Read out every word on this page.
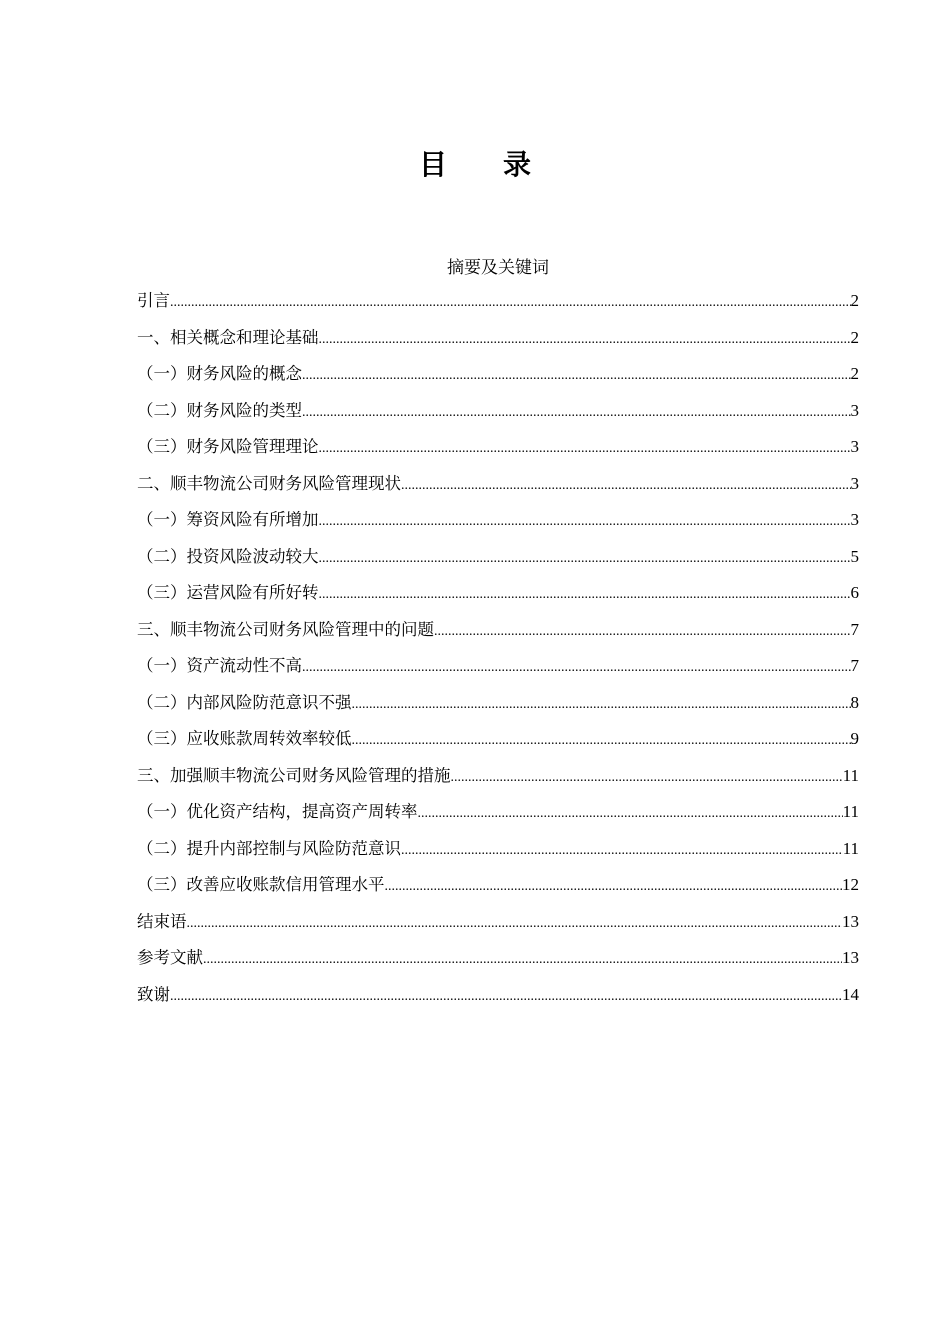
目录
摘要及关键词
引言 .....	2
一、相关概念和理论基础 .....	2
（一）财务风险的概念 .....	2
（二）财务风险的类型 .....	3
（三）财务风险管理理论 .....	3
二、顺丰物流公司财务风险管理现状 .....	3
（一）筹资风险有所增加 .....	3
（二）投资风险波动较大 .....	5
（三）运营风险有所好转 .....	6
三、顺丰物流公司财务风险管理中的问题 .....	7
（一）资产流动性不高 .....	7
（二）内部风险防范意识不强 .....	8
（三）应收账款周转效率较低 .....	9
三、加强顺丰物流公司财务风险管理的措施 .....	11
（一）优化资产结构，提高资产周转率 .....	11
（二）提升内部控制与风险防范意识 .....	11
（三）改善应收账款信用管理水平 .....	12
结束语 .....	13
参考文献 .....	13
致谢 .....	14
